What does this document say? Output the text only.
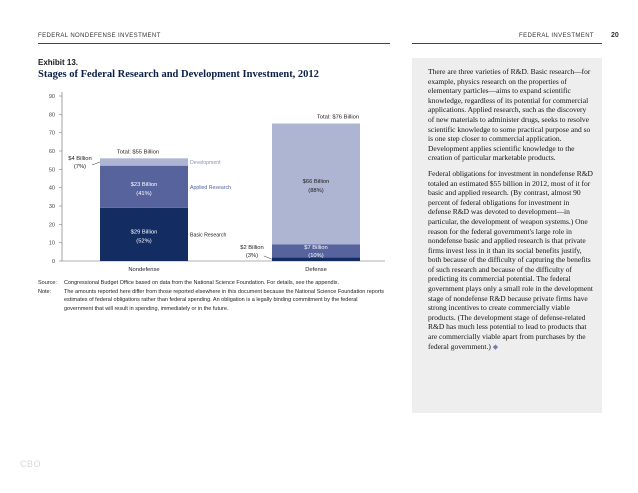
FEDERAL NONDEFENSE INVESTMENT	FEDERAL INVESTMENT 20
Exhibit 13.
Stages of Federal Research and Development Investment, 2012
0
10
20
30
40
50
60
70
80
90
$29 Billion
(52%)
$23 Billion
(41%)
Total: $55 Billion
Nondefense
$66 Billion
(88%)
Total: $76 Billion
Defense
$4 Billion
(7%)
$2 Billion
(3%)
$7 Billion
(10%)
Basic Research
Applied Research
Development
Source:	Congressional Budget Office based on data from the National Science Foundation. For details, see the appendix.
Note:	The amounts reported here differ from those reported elsewhere in this document because the National Science Foundation reports estimates of federal obligations rather than federal spending. An obligation is a legally binding commitment by the federal government that will result in spending, immediately or in the future.

There are three varieties of R&D. Basic research—for example, physics research on the properties of elementary particles—aims to expand scientific knowledge, regardless of its potential for commercial applications. Applied research, such as the discovery of new materials to administer drugs, seeks to resolve scientific knowledge to some practical purpose and so is one step closer to commercial application. Development applies scientific knowledge to the creation of particular marketable products.

Federal obligations for investment in nondefense R&D totaled an estimated $55 billion in 2012, most of it for basic and applied research. (By contrast, almost 90 percent of federal obligations for investment in defense R&D was devoted to development—in particular, the development of weapon systems.) One reason for the federal government's large role in nondefense basic and applied research is that private firms invest less in it than its social benefits justify, both because of the difficulty of capturing the benefits of such research and because of the difficulty of predicting its commercial potential. The federal government plays only a small role in the development stage of nondefense R&D because private firms have strong incentives to create commercially viable products. (The development stage of defense-related R&D has much less potential to lead to products that are commercially viable apart from purchases by the federal government.) ◆

CBO
